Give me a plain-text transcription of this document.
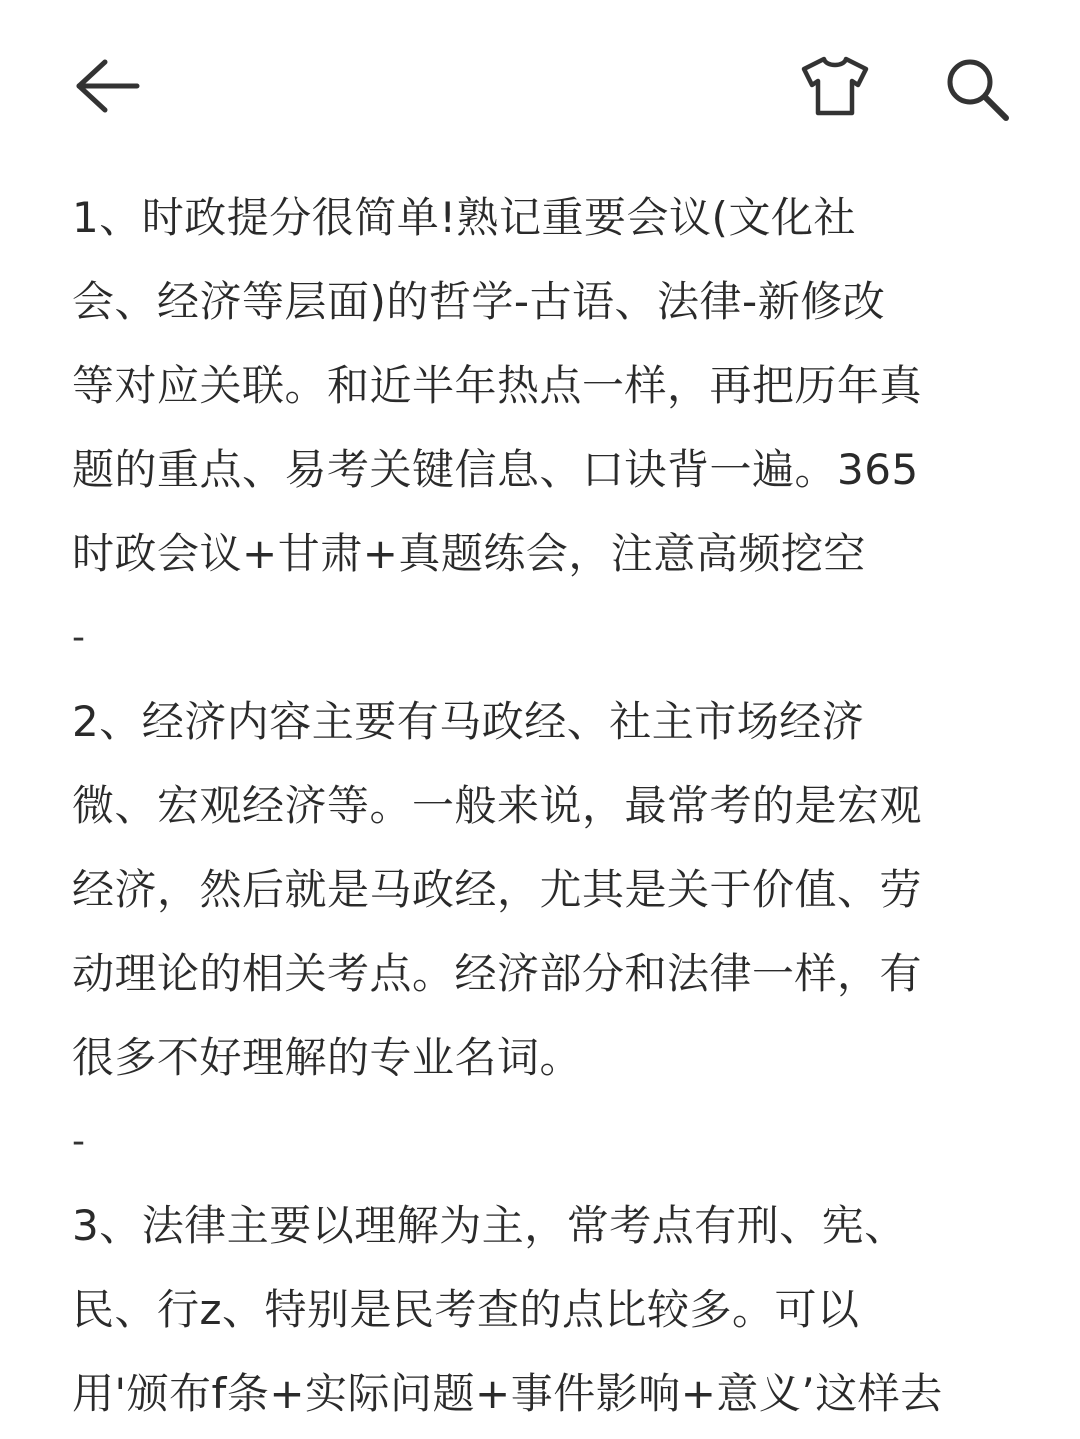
1、时政提分很简单!熟记重要会议(文化社
会、经济等层面)的哲学-古语、法律-新修改
等对应关联。和近半年热点一样，再把历年真
题的重点、易考关键信息、口诀背一遍。365
时政会议+甘肃+真题练会，注意高频挖空
-
2、经济内容主要有马政经、社主市场经济
微、宏观经济等。一般来说，最常考的是宏观
经济，然后就是马政经，尤其是关于价值、劳
动理论的相关考点。经济部分和法律一样，有
很多不好理解的专业名词。
-
3、法律主要以理解为主，常考点有刑、宪、
民、行z、特别是民考查的点比较多。可以
用'颁布f条+实际问题+事件影响+意义’这样去
